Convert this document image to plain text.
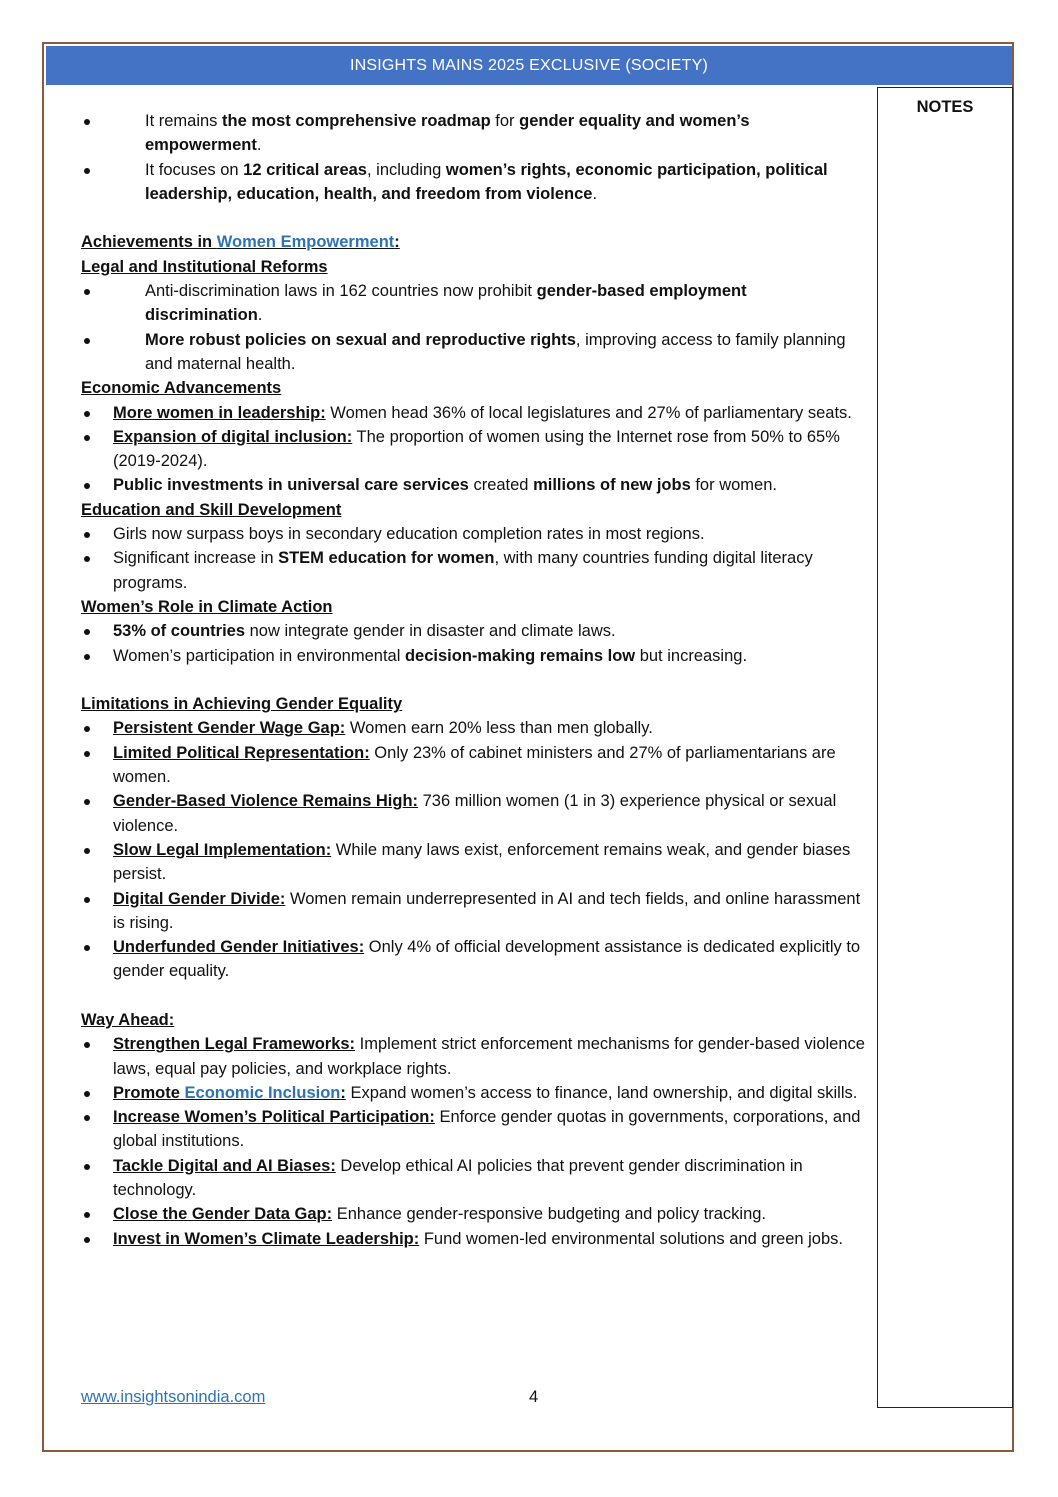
INSIGHTS MAINS 2025 EXCLUSIVE (SOCIETY)
NOTES
It remains the most comprehensive roadmap for gender equality and women’s empowerment.
It focuses on 12 critical areas, including women’s rights, economic participation, political leadership, education, health, and freedom from violence.
Achievements in Women Empowerment:
Legal and Institutional Reforms
Anti-discrimination laws in 162 countries now prohibit gender-based employment discrimination.
More robust policies on sexual and reproductive rights, improving access to family planning and maternal health.
Economic Advancements
More women in leadership: Women head 36% of local legislatures and 27% of parliamentary seats.
Expansion of digital inclusion: The proportion of women using the Internet rose from 50% to 65% (2019-2024).
Public investments in universal care services created millions of new jobs for women.
Education and Skill Development
Girls now surpass boys in secondary education completion rates in most regions.
Significant increase in STEM education for women, with many countries funding digital literacy programs.
Women’s Role in Climate Action
53% of countries now integrate gender in disaster and climate laws.
Women’s participation in environmental decision-making remains low but increasing.
Limitations in Achieving Gender Equality
Persistent Gender Wage Gap: Women earn 20% less than men globally.
Limited Political Representation: Only 23% of cabinet ministers and 27% of parliamentarians are women.
Gender-Based Violence Remains High: 736 million women (1 in 3) experience physical or sexual violence.
Slow Legal Implementation: While many laws exist, enforcement remains weak, and gender biases persist.
Digital Gender Divide: Women remain underrepresented in AI and tech fields, and online harassment is rising.
Underfunded Gender Initiatives: Only 4% of official development assistance is dedicated explicitly to gender equality.
Way Ahead:
Strengthen Legal Frameworks: Implement strict enforcement mechanisms for gender-based violence laws, equal pay policies, and workplace rights.
Promote Economic Inclusion: Expand women’s access to finance, land ownership, and digital skills.
Increase Women’s Political Participation: Enforce gender quotas in governments, corporations, and global institutions.
Tackle Digital and AI Biases: Develop ethical AI policies that prevent gender discrimination in technology.
Close the Gender Data Gap: Enhance gender-responsive budgeting and policy tracking.
Invest in Women’s Climate Leadership: Fund women-led environmental solutions and green jobs.
www.insightsonindia.com	4
